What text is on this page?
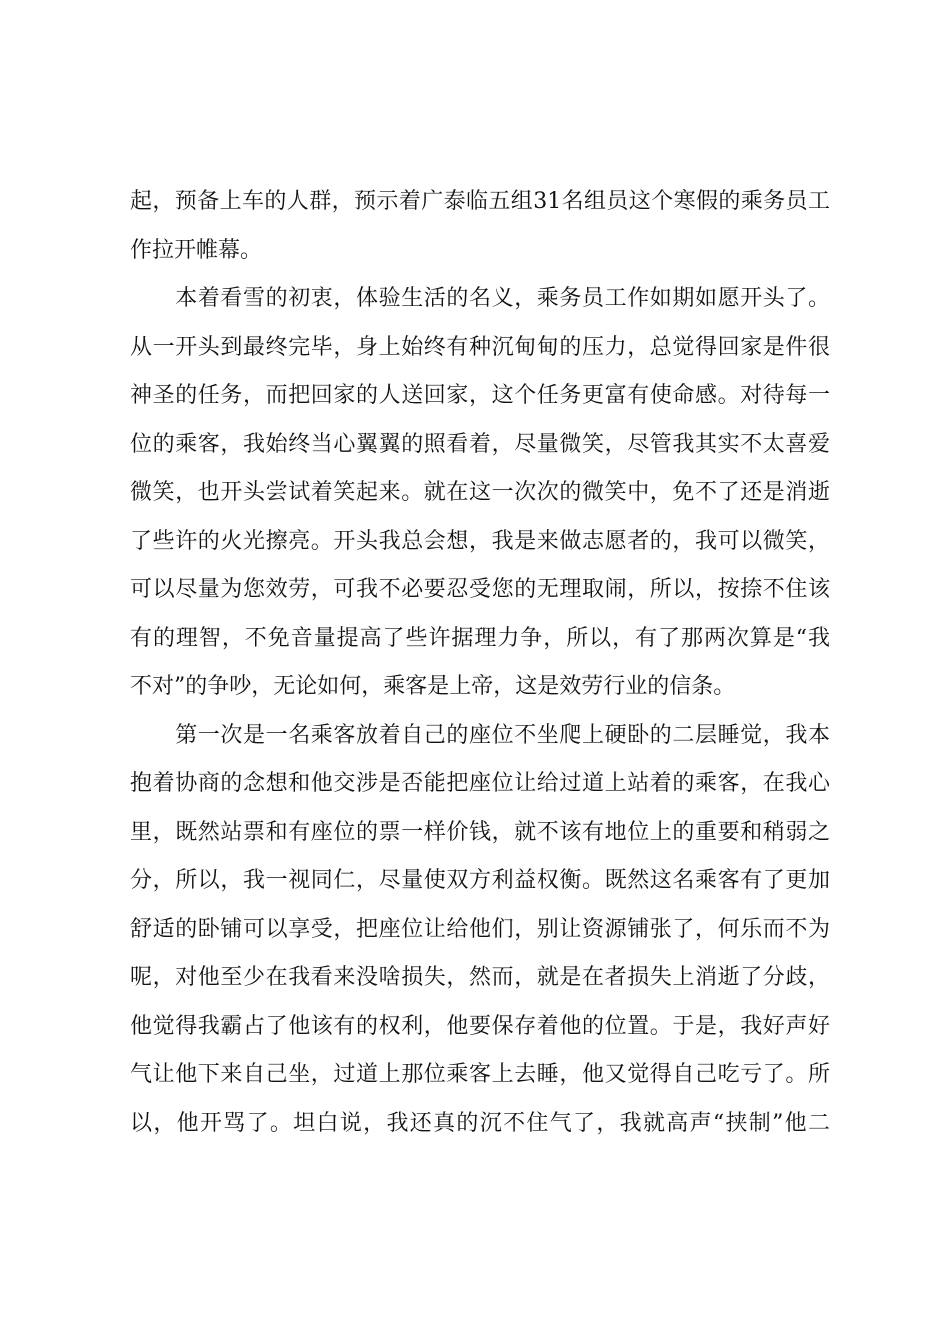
起，预备上车的人群，预示着广泰临五组31名组员这个寒假的乘务员工
作拉开帷幕。
　　本着看雪的初衷，体验生活的名义，乘务员工作如期如愿开头了。
从一开头到最终完毕，身上始终有种沉甸甸的压力，总觉得回家是件很
神圣的任务，而把回家的人送回家，这个任务更富有使命感。对待每一
位的乘客，我始终当心翼翼的照看着，尽量微笑，尽管我其实不太喜爱
微笑，也开头尝试着笑起来。就在这一次次的微笑中，免不了还是消逝
了些许的火光擦亮。开头我总会想，我是来做志愿者的，我可以微笑，
可以尽量为您效劳，可我不必要忍受您的无理取闹，所以，按捺不住该
有的理智，不免音量提高了些许据理力争，所以，有了那两次算是“我
不对”的争吵，无论如何，乘客是上帝，这是效劳行业的信条。
　　第一次是一名乘客放着自己的座位不坐爬上硬卧的二层睡觉，我本
抱着协商的念想和他交涉是否能把座位让给过道上站着的乘客，在我心
里，既然站票和有座位的票一样价钱，就不该有地位上的重要和稍弱之
分，所以，我一视同仁，尽量使双方利益权衡。既然这名乘客有了更加
舒适的卧铺可以享受，把座位让给他们，别让资源铺张了，何乐而不为
呢，对他至少在我看来没啥损失，然而，就是在者损失上消逝了分歧，
他觉得我霸占了他该有的权利，他要保存着他的位置。于是，我好声好
气让他下来自己坐，过道上那位乘客上去睡，他又觉得自己吃亏了。所
以，他开骂了。坦白说，我还真的沉不住气了，我就高声“挟制”他二
